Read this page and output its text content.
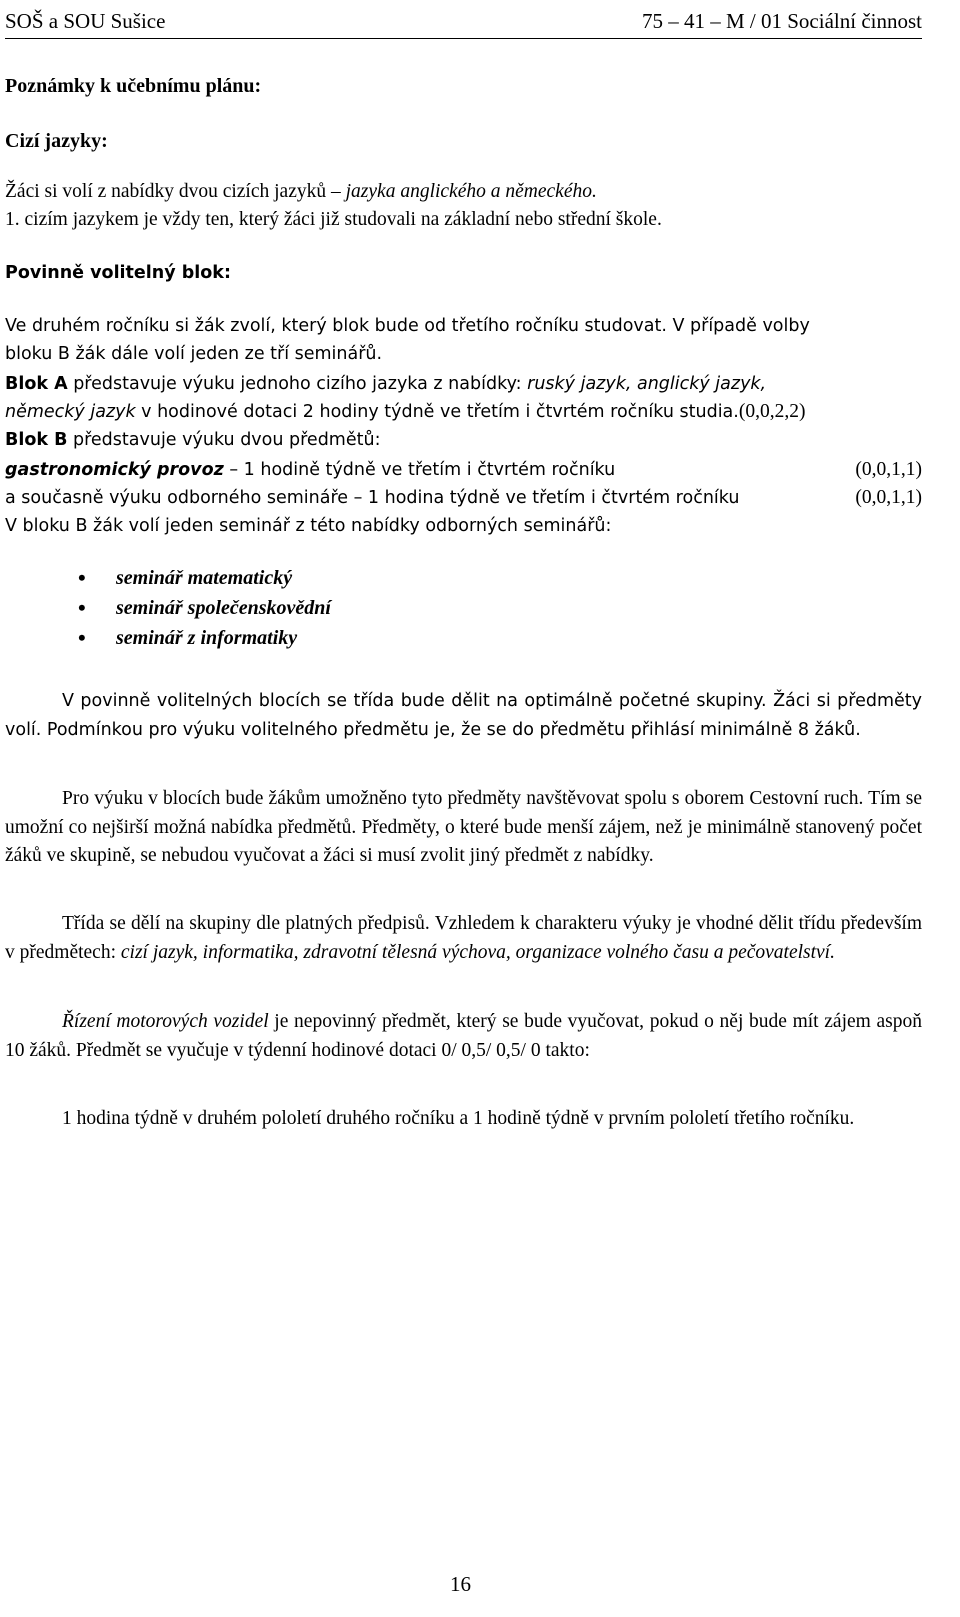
SOŠ a SOU Sušice	75 – 41 – M / 01 Sociální činnost
Poznámky k učebnímu plánu:
Cizí jazyky:
Žáci si volí z nabídky dvou cizích jazyků – jazyka anglického a německého.
1. cizím jazykem je vždy ten, který žáci již studovali na základní nebo střední škole.
Povinně volitelný blok:
Ve druhém ročníku si žák zvolí, který blok bude od třetího ročníku studovat. V případě volby
bloku B žák dále volí jeden ze tří seminářů.
Blok A představuje výuku jednoho cizího jazyka z nabídky: ruský jazyk, anglický jazyk,
německý jazyk v hodinové dotaci 2 hodiny týdně ve třetím i čtvrtém ročníku studia.(0,0,2,2)
Blok B představuje výuku dvou předmětů:
gastronomický provoz – 1 hodině týdně ve třetím i čtvrtém ročníku	(0,0,1,1)
a současně výuku odborného semináře – 1 hodina týdně ve třetím i čtvrtém ročníku	(0,0,1,1)
V bloku B žák volí jeden seminář z této nabídky odborných seminářů:
• seminář matematický
• seminář společenskovědní
• seminář z informatiky

V povinně volitelných blocích se třída bude dělit na optimálně početné skupiny. Žáci si předměty volí. Podmínkou pro výuku volitelného předmětu je, že se do předmětu přihlásí minimálně 8 žáků.

Pro výuku v blocích bude žákům umožněno tyto předměty navštěvovat spolu s oborem Cestovní ruch. Tím se umožní co nejširší možná nabídka předmětů. Předměty, o které bude menší zájem, než je minimálně stanovený počet žáků ve skupině, se nebudou vyučovat a žáci si musí zvolit jiný předmět z nabídky.

Třída se dělí na skupiny dle platných předpisů. Vzhledem k charakteru výuky je vhodné dělit třídu především v předmětech: cizí jazyk, informatika, zdravotní tělesná výchova, organizace volného času a pečovatelství.

Řízení motorových vozidel je nepovinný předmět, který se bude vyučovat, pokud o něj bude mít zájem aspoň 10 žáků. Předmět se vyučuje v týdenní hodinové dotaci 0/ 0,5/ 0,5/ 0 takto:

1 hodina týdně v druhém pololetí druhého ročníku a 1 hodině týdně v prvním pololetí třetího ročníku.

16
